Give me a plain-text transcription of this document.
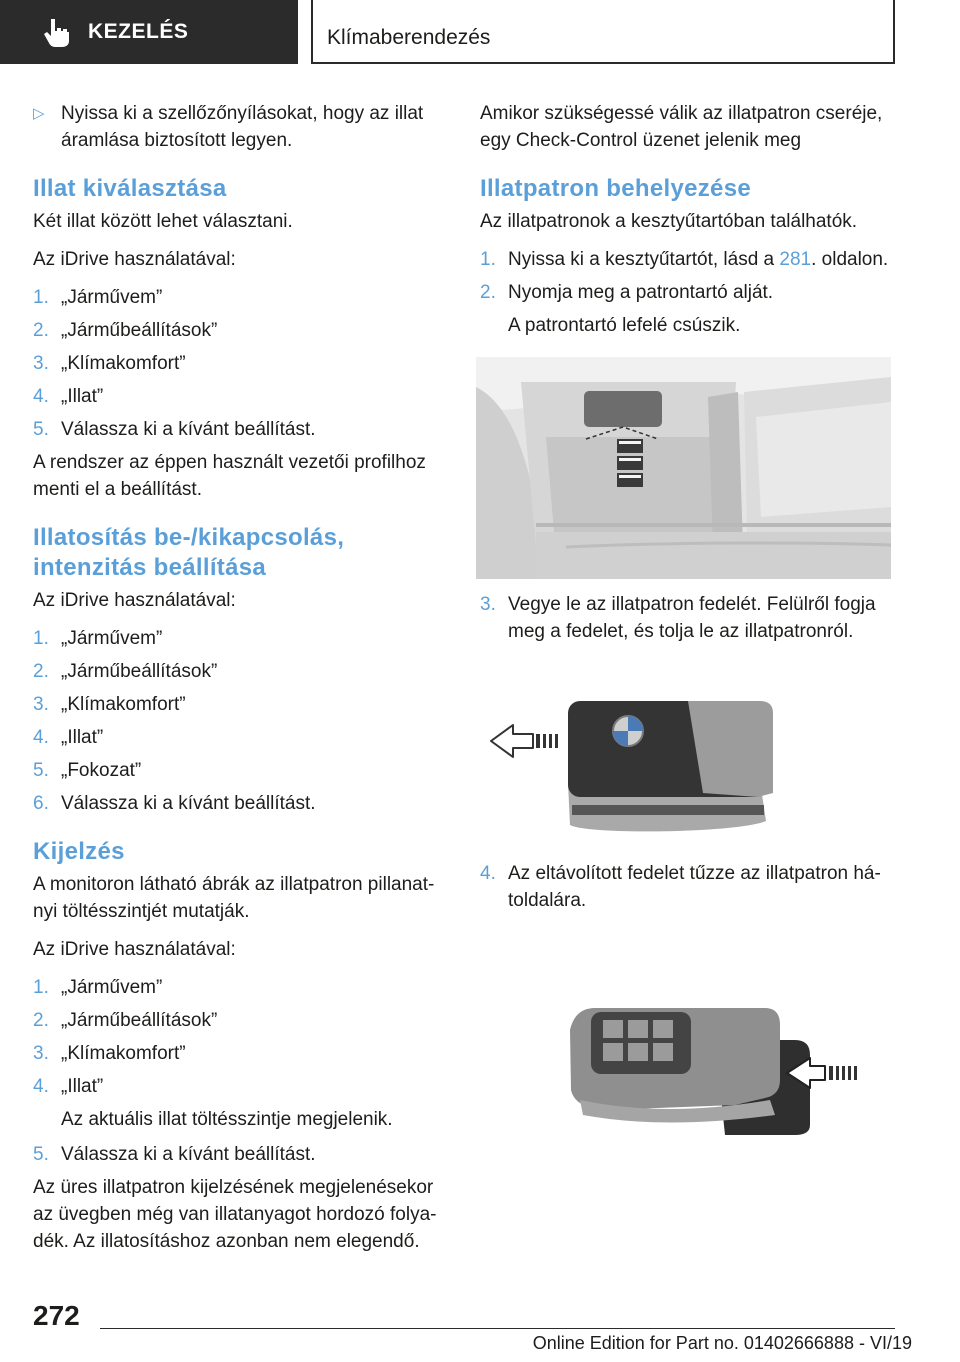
KEZELÉS	Klímaberendezés
▷ Nyissa ki a szellőzőnyílásokat, hogy az illat áramlása biztosított legyen.
Illat kiválasztása

Két illat között lehet választani.

Az iDrive használatával:

1. „Járművem”
2. „Járműbeállítások”
3. „Klímakomfort”
4. „Illat”
5. Válassza ki a kívánt beállítást.

A rendszer az éppen használt vezetői profilhoz menti el a beállítást.

Illatosítás be-/kikapcsolás, intenzitás beállítása

Az iDrive használatával:

1. „Járművem”
2. „Járműbeállítások”
3. „Klímakomfort”
4. „Illat”
5. „Fokozat”
6. Válassza ki a kívánt beállítást.
Kijelzés

A monitoron látható ábrák az illatpatron pillanatnyi töltésszintjét mutatják.

Az iDrive használatával:

1. „Járművem”
2. „Járműbeállítások”
3. „Klímakomfort”
4. „Illat”
Az aktuális illat töltésszintje megjelenik.
5. Válassza ki a kívánt beállítást.

Az üres illatpatron kijelzésének megjelenésekor az üvegben még van illatanyagot hordozó folyadék. Az illatosításhoz azonban nem elegendő.

Amikor szükségessé válik az illatpatron cseréje, egy Check-Control üzenet jelenik meg

Illatpatron behelyezése

Az illatpatronok a kesztyűtartóban találhatók.

1. Nyissa ki a kesztyűtartót, lásd a 281. oldalon.
2. Nyomja meg a patrontartó alját.
A patrontartó lefelé csúszik.
3. Vegye le az illatpatron fedelét. Felülről fogja meg a fedelet, és tolja le az illatpatronról.
4. Az eltávolított fedelet tűzze az illatpatron hátoldalára.
272
Online Edition for Part no. 01402666888 - VI/19
